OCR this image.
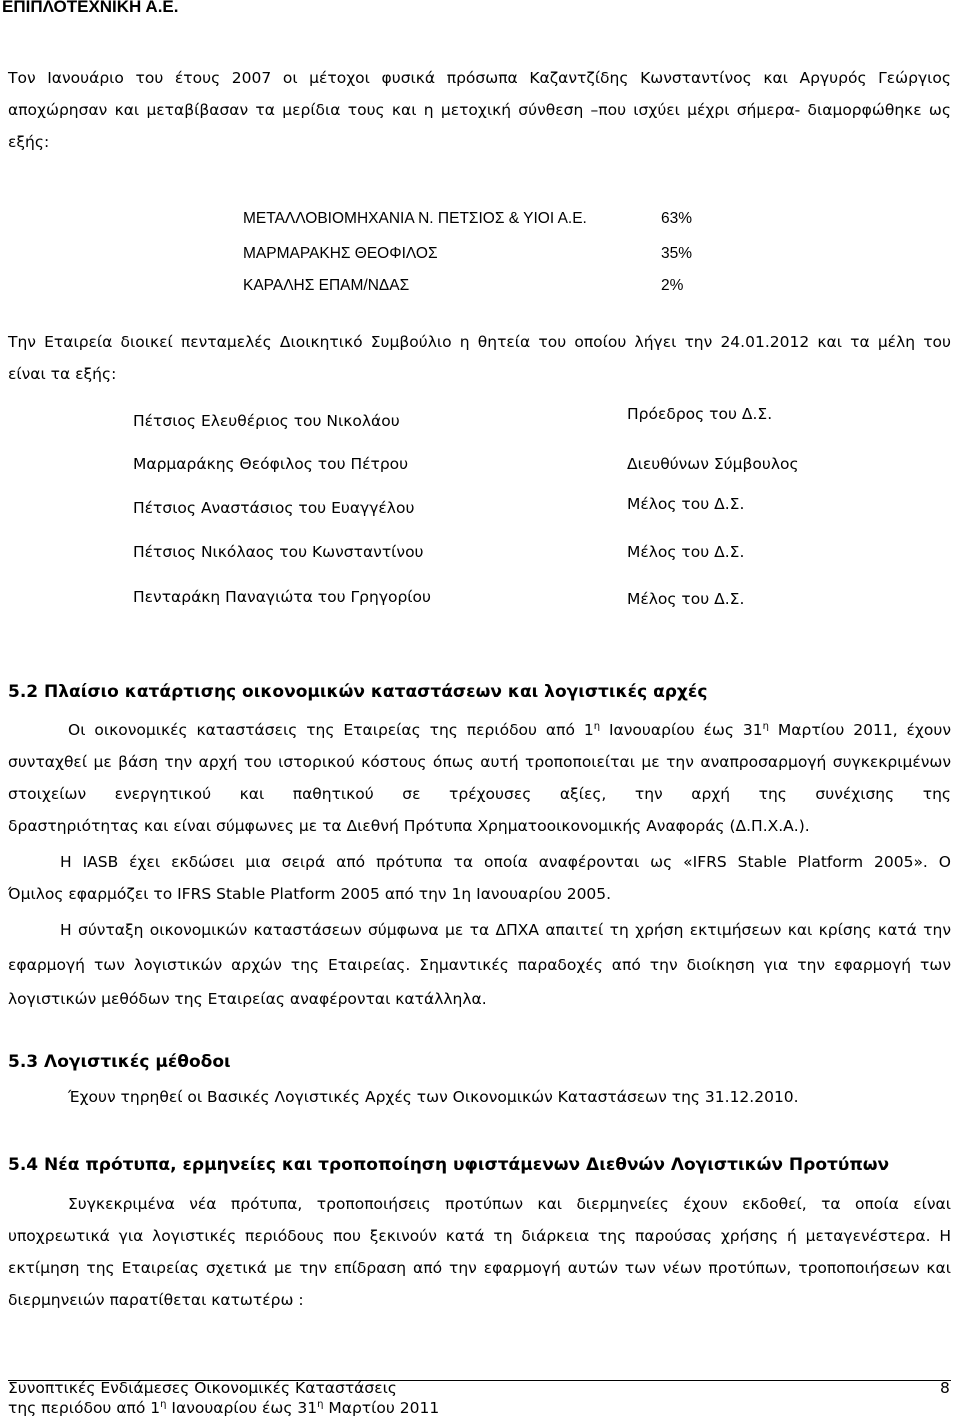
ΕΠΙΠΛΟΤΕΧΝΙΚΗ Α.Ε.
Τον Ιανουάριο του έτους 2007 οι μέτοχοι φυσικά πρόσωπα Καζαντζίδης Κωνσταντίνος και Αργυρός Γεώργιος αποχώρησαν και μεταβίβασαν τα μερίδια τους και η μετοχική σύνθεση –που ισχύει μέχρι σήμερα- διαμορφώθηκε ως
εξής:
ΜΕΤΑΛΛΟΒΙΟΜΗΧΑΝΙΑ Ν. ΠΕΤΣΙΟΣ & ΥΙΟΙ Α.Ε.	63%
ΜΑΡΜΑΡΑΚΗΣ ΘΕΟΦΙΛΟΣ	35%
ΚΑΡΑΛΗΣ ΕΠΑΜ/ΝΔΑΣ	2%
Την Εταιρεία διοικεί πενταμελές Διοικητικό Συμβούλιο η θητεία του οποίου λήγει την 24.01.2012 και τα μέλη του
είναι τα εξής:
Πέτσιος Ελευθέριος του Νικολάου	Πρόεδρος του Δ.Σ.
Μαρμαράκης Θεόφιλος του Πέτρου	Διευθύνων Σύμβουλος
Πέτσιος Αναστάσιος του Ευαγγέλου	Μέλος του Δ.Σ.
Πέτσιος Νικόλαος του Κωνσταντίνου	Μέλος του Δ.Σ.
Πενταράκη Παναγιώτα του Γρηγορίου	Μέλος του Δ.Σ.
5.2 Πλαίσιο κατάρτισης οικονομικών καταστάσεων και λογιστικές αρχές
Οι οικονομικές καταστάσεις της Εταιρείας της περιόδου από $1^\eta$ Ιανουαρίου έως $31^\eta$ Μαρτίου 2011, έχουν συνταχθεί με βάση την αρχή του ιστορικού κόστους όπως αυτή τροποποιείται με την αναπροσαρμογή συγκεκριμένων στοιχείων ενεργητικού και παθητικού σε τρέχουσες αξίες, την αρχή της συνέχισης της
δραστηριότητας και είναι σύμφωνες με τα Διεθνή Πρότυπα Χρηματοοικονομικής Αναφοράς (Δ.Π.Χ.Α.).
Η IASB έχει εκδώσει μια σειρά από πρότυπα τα οποία αναφέρονται ως «IFRS Stable Platform 2005». Ο
Όμιλος εφαρμόζει το IFRS Stable Platform 2005 από την 1η Ιανουαρίου 2005.
Η σύνταξη οικονομικών καταστάσεων σύμφωνα με τα ΔΠΧΑ απαιτεί τη χρήση εκτιμήσεων και κρίσης κατά την εφαρμογή των λογιστικών αρχών της Εταιρείας. Σημαντικές παραδοχές από την διοίκηση για την εφαρμογή των
λογιστικών μεθόδων της Εταιρείας αναφέρονται κατάλληλα.
5.3 Λογιστικές μέθοδοι
Έχουν τηρηθεί οι Βασικές Λογιστικές Αρχές των Οικονομικών Καταστάσεων της 31.12.2010.
5.4 Νέα πρότυπα, ερμηνείες και τροποποίηση υφιστάμενων Διεθνών Λογιστικών Προτύπων
Συγκεκριμένα νέα πρότυπα, τροποποιήσεις προτύπων και διερμηνείες έχουν εκδοθεί, τα οποία είναι υποχρεωτικά για λογιστικές περιόδους που ξεκινούν κατά τη διάρκεια της παρούσας χρήσης ή μεταγενέστερα. Η εκτίμηση της Εταιρείας σχετικά με την επίδραση από την εφαρμογή αυτών των νέων προτύπων, τροποποιήσεων και
διερμηνειών παρατίθεται κατωτέρω :
Συνοπτικές Ενδιάμεσες Οικονομικές Καταστάσεις
της περιόδου από $1^\eta$ Ιανουαρίου έως $31^\eta$ Μαρτίου 2011
8
